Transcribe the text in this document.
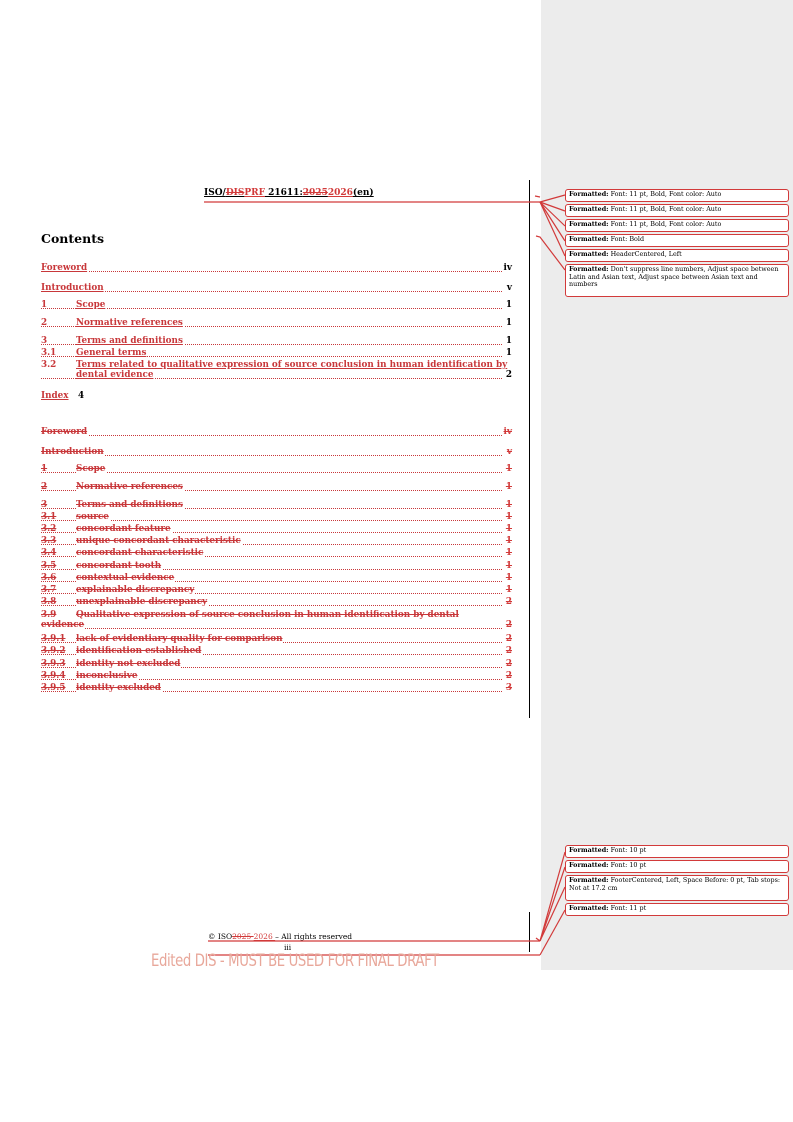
ISO/DISPRF 21611:20252026(en)
Contents
Foreword	iv
Introduction	v
1	Scope	1
2	Normative references	1
3	Terms and definitions	1
3.1 General terms	1
3.2 Terms related to qualitative expression of source conclusion in human identification by
dental evidence	2
Index 4
Foreword	iv
Introduction	v
1	Scope	1
2	Normative references	1
3	Terms and definitions	1
3.1 source	1
3.2 concordant feature	1
3.3 unique concordant characteristic	1
3.4 concordant characteristic	1
3.5 concordant tooth	1
3.6 contextual evidence	1
3.7 explainable discrepancy	1
3.8 unexplainable discrepancy	2
3.9 Qualitative expression of source conclusion in human identification by dental
evidence	2
3.9.1 lack of evidentiary quality for comparison	2
3.9.2 identification established	2
3.9.3 identity not excluded	2
3.9.4 inconclusive	2
3.9.5 identity excluded	3
Formatted: Font: 11 pt, Bold, Font color: Auto
Formatted: Font: 11 pt, Bold, Font color: Auto
Formatted: Font: 11 pt, Bold, Font color: Auto
Formatted: Font: Bold
Formatted: HeaderCentered, Left
Formatted: Don't suppress line numbers, Adjust space between Latin and Asian text, Adjust space between Asian text and numbers
Formatted: Font: 10 pt
Formatted: Font: 10 pt
Formatted: FooterCentered, Left, Space Before: 0 pt, Tab stops: Not at 17.2 cm
Formatted: Font: 11 pt
© ISO2025 2026 – All rights reserved
iii
Edited DIS - MUST BE USED FOR FINAL DRAFT
